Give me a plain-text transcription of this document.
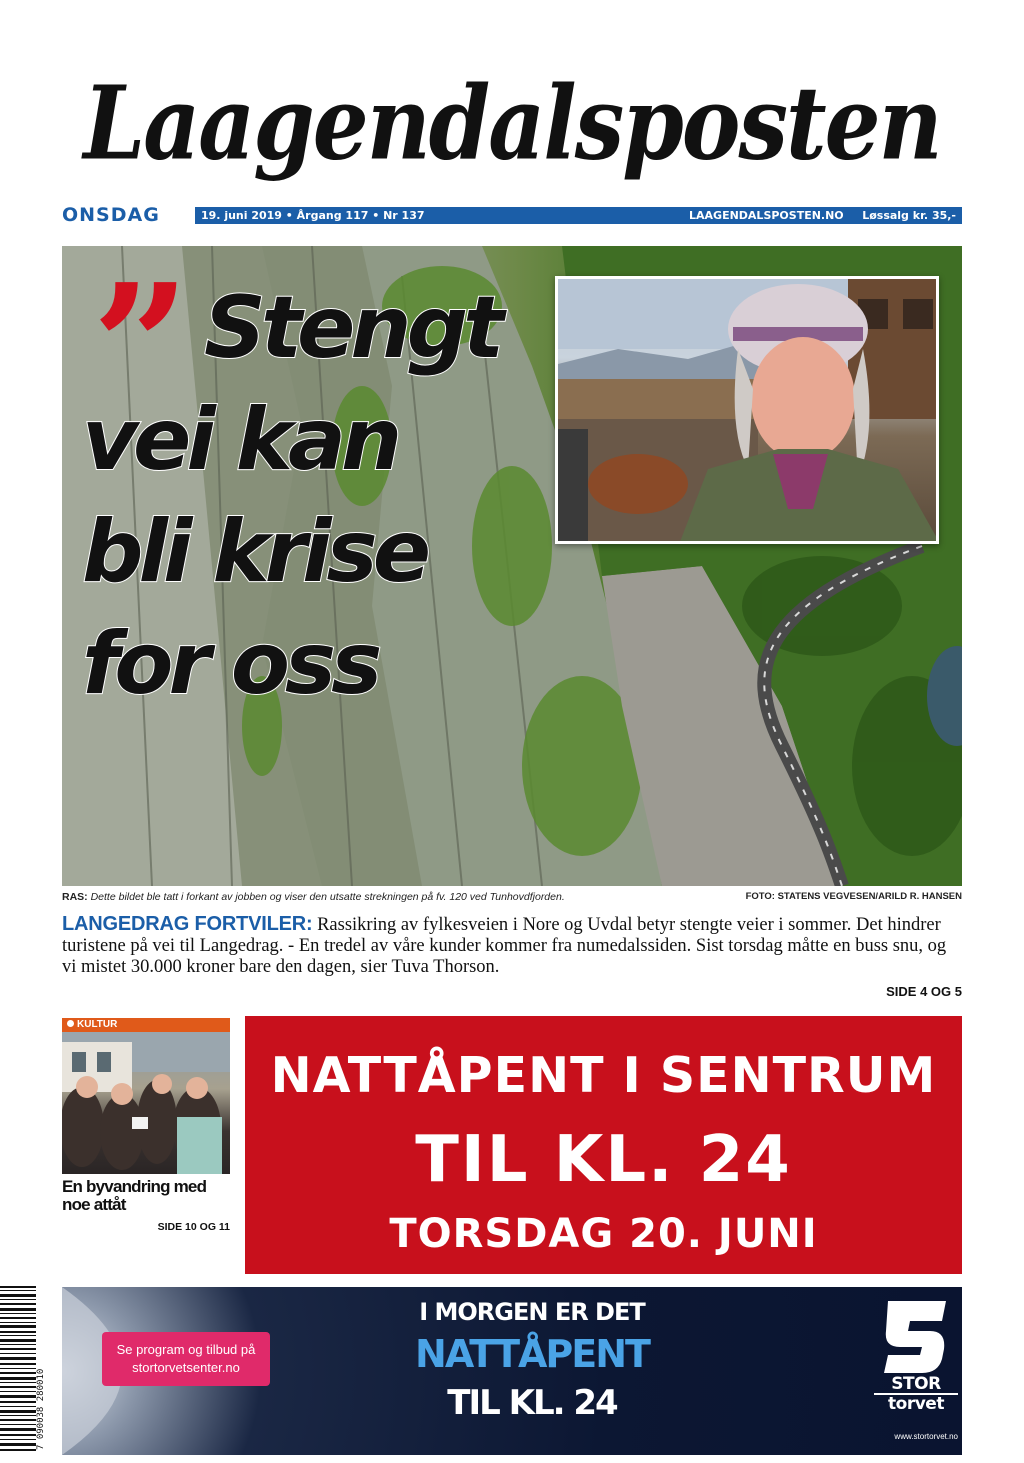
Laagendalsposten
ONSDAG	19. juni 2019 • Årgang 117 • Nr 137	LAAGENDALSPOSTEN.NO Løssalg kr. 35,-
” Stengt
vei kan
bli krise
for oss
RAS: Dette bildet ble tatt i forkant av jobben og viser den utsatte strekningen på fv. 120 ved Tunhovdfjorden.	FOTO: STATENS VEGVESEN/ARILD R. HANSEN
LANGEDRAG FORTVILER: Rassikring av fylkesveien i Nore og Uvdal betyr stengte veier i sommer. Det hindrer turistene på vei til Langedrag. - En tredel av våre kunder kommer fra numedalssiden. Sist torsdag måtte en buss snu, og vi mistet 30.000 kroner bare den dagen, sier Tuva Thorson.
SIDE 4 OG 5
KULTUR
En byvandring med noe attåt
SIDE 10 OG 11
NATTÅPENT I SENTRUM
TIL KL. 24
TORSDAG 20. JUNI
7 090038 280010
Se program og tilbud på stortorvetsenter.no
I MORGEN ER DET
NATTÅPENT
TIL KL. 24	STOR
torvet
www.stortorvet.no
